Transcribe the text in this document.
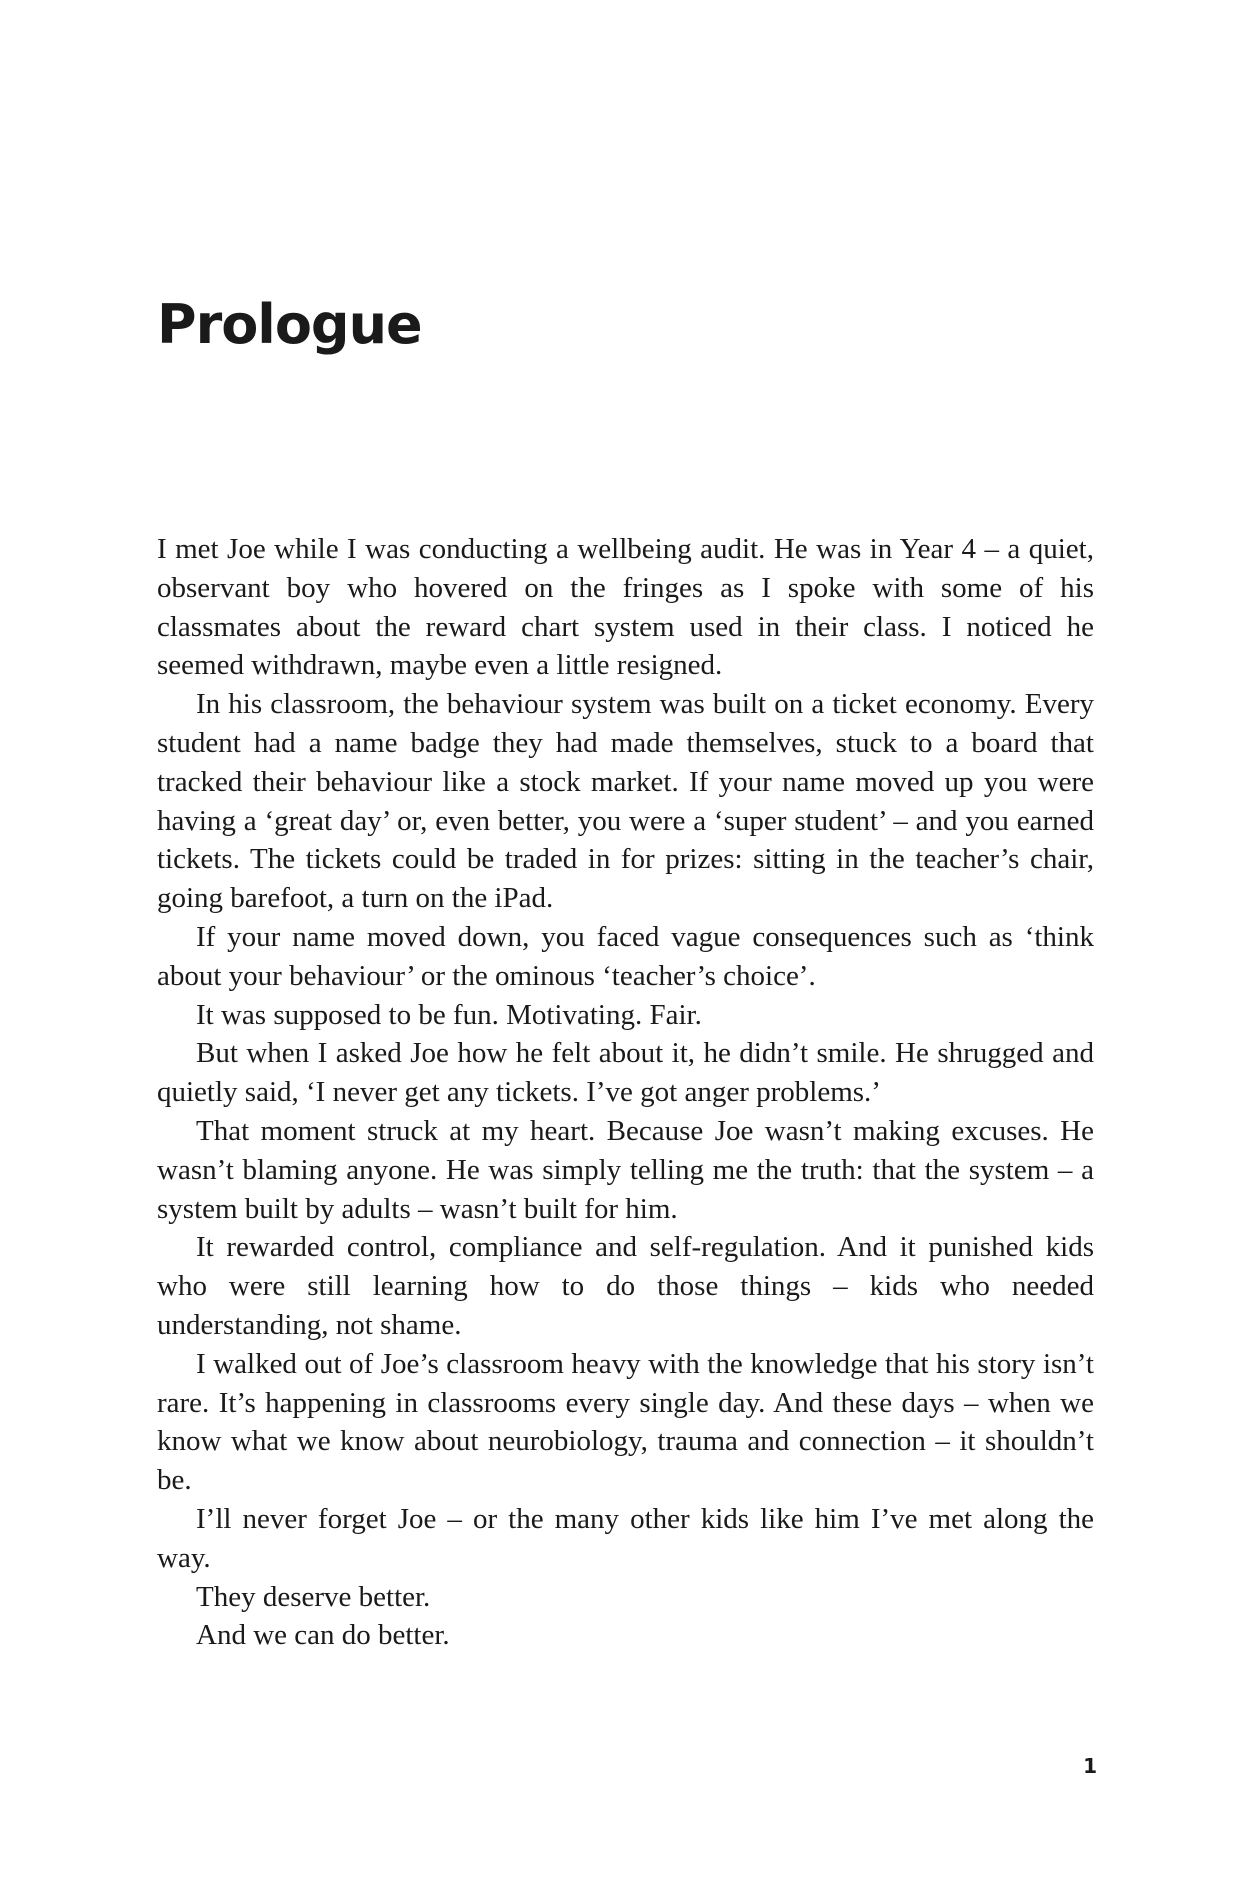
Prologue

I met Joe while I was conducting a wellbeing audit. He was in Year 4 – a quiet, observant boy who hovered on the fringes as I spoke with some of his classmates about the reward chart system used in their class. I noticed he seemed withdrawn, maybe even a little resigned.

In his classroom, the behaviour system was built on a ticket economy. Every student had a name badge they had made themselves, stuck to a board that tracked their behaviour like a stock market. If your name moved up you were having a ‘great day’ or, even better, you were a ‘super student’ – and you earned tickets. The tickets could be traded in for prizes: sitting in the teacher’s chair, going barefoot, a turn on the iPad.

If your name moved down, you faced vague consequences such as ‘think about your behaviour’ or the ominous ‘teacher’s choice’.

It was supposed to be fun. Motivating. Fair.

But when I asked Joe how he felt about it, he didn’t smile. He shrugged and quietly said, ‘I never get any tickets. I’ve got anger problems.’

That moment struck at my heart. Because Joe wasn’t making excuses. He wasn’t blaming anyone. He was simply telling me the truth: that the system – a system built by adults – wasn’t built for him.

It rewarded control, compliance and self-regulation. And it punished kids who were still learning how to do those things – kids who needed understanding, not shame.

I walked out of Joe’s classroom heavy with the knowledge that his story isn’t rare. It’s happening in classrooms every single day. And these days – when we know what we know about neurobiology, trauma and connection – it shouldn’t be.

I’ll never forget Joe – or the many other kids like him I’ve met along the way.

They deserve better.

And we can do better.

1
